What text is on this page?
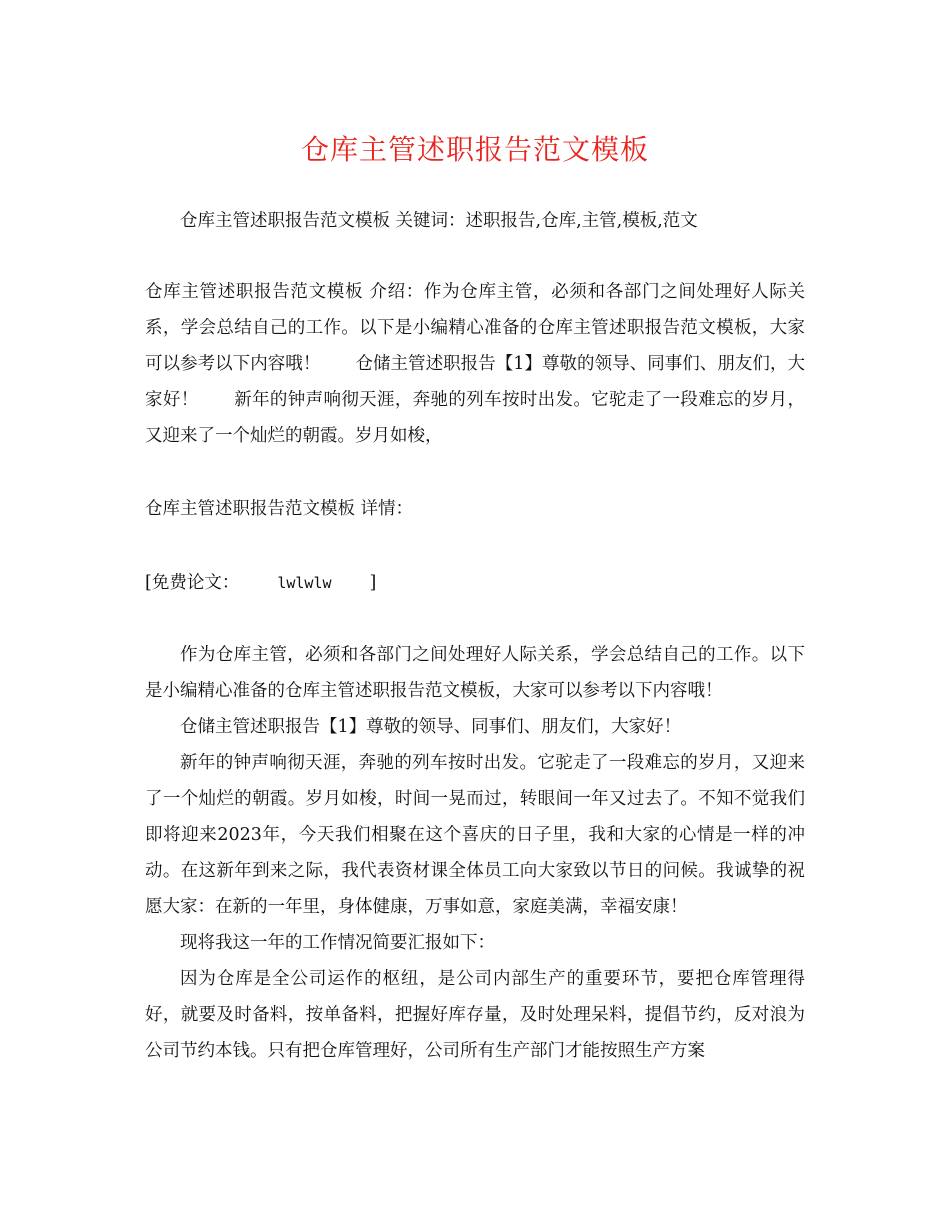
仓库主管述职报告范文模板
仓库主管述职报告范文模板 关键词：述职报告,仓库,主管,模板,范文
仓库主管述职报告范文模板 介绍：作为仓库主管，必须和各部门之间处理好人际关系，学会总结自己的工作。以下是小编精心准备的仓库主管述职报告范文模板，大家可以参考以下内容哦！　　仓储主管述职报告【1】尊敬的领导、同事们、朋友们，大家好！　　新年的钟声响彻天涯，奔驰的列车按时出发。它驼走了一段难忘的岁月，又迎来了一个灿烂的朝霞。岁月如梭，
仓库主管述职报告范文模板 详情：
[免费论文：	lwlwlw ]

作为仓库主管，必须和各部门之间处理好人际关系，学会总结自己的工作。以下是小编精心准备的仓库主管述职报告范文模板，大家可以参考以下内容哦！

仓储主管述职报告【1】尊敬的领导、同事们、朋友们，大家好！

新年的钟声响彻天涯，奔驰的列车按时出发。它驼走了一段难忘的岁月，又迎来了一个灿烂的朝霞。岁月如梭，时间一晃而过，转眼间一年又过去了。不知不觉我们即将迎来2023年，今天我们相聚在这个喜庆的日子里，我和大家的心情是一样的冲动。在这新年到来之际，我代表资材课全体员工向大家致以节日的问候。我诚挚的祝愿大家：在新的一年里，身体健康，万事如意，家庭美满，幸福安康！

现将我这一年的工作情况简要汇报如下：

因为仓库是全公司运作的枢纽，是公司内部生产的重要环节，要把仓库管理得好，就要及时备料，按单备料，把握好库存量，及时处理呆料，提倡节约，反对浪为公司节约本钱。只有把仓库管理好，公司所有生产部门才能按照生产方案
